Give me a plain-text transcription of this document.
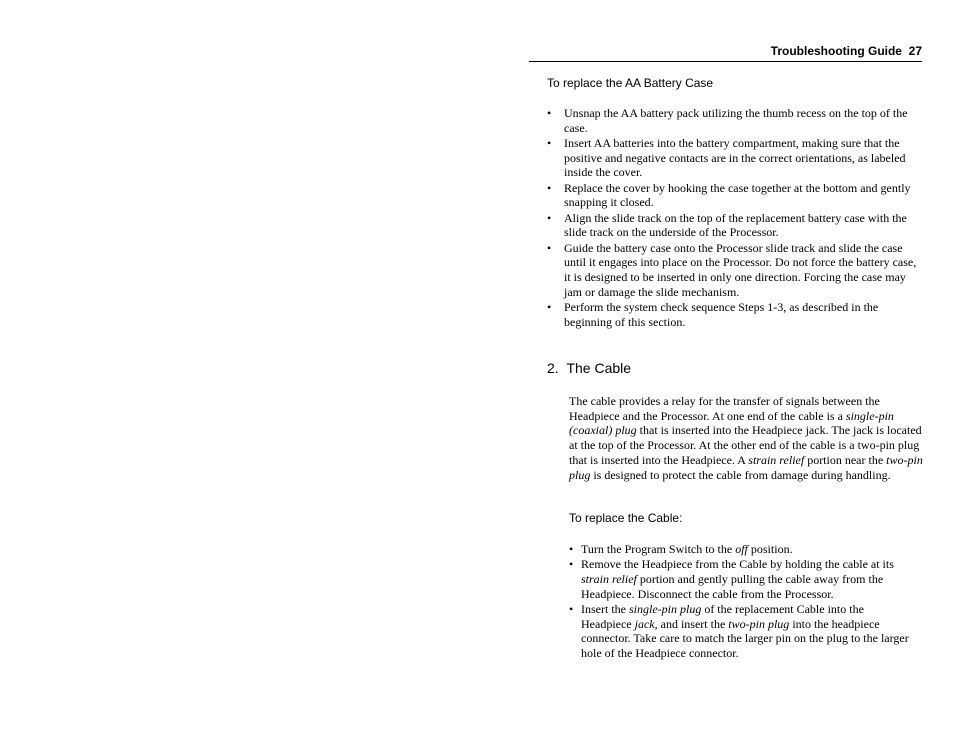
Troubleshooting Guide  27
To replace the AA Battery Case
• Unsnap the AA battery pack utilizing the thumb recess on the top of the case.
• Insert AA batteries into the battery compartment, making sure that the positive and negative contacts are in the correct orientations, as labeled inside the cover.
• Replace the cover by hooking the case together at the bottom and gently snapping it closed.
• Align the slide track on the top of the replacement battery case with the slide track on the underside of the Processor.
• Guide the battery case onto the Processor slide track and slide the case until it engages into place on the Processor. Do not force the battery case, it is designed to be inserted in only one direction. Forcing the case may jam or damage the slide mechanism.
• Perform the system check sequence Steps 1-3, as described in the beginning of this section.
2. The Cable

The cable provides a relay for the transfer of signals between the Headpiece and the Processor. At one end of the cable is a single-pin (coaxial) plug that is inserted into the Headpiece jack. The jack is located at the top of the Processor. At the other end of the cable is a two-pin plug that is inserted into the Headpiece. A strain relief portion near the two-pin plug is designed to protect the cable from damage during handling.

To replace the Cable:
• Turn the Program Switch to the off position.
• Remove the Headpiece from the Cable by holding the cable at its strain relief portion and gently pulling the cable away from the Headpiece. Disconnect the cable from the Processor.
• Insert the single-pin plug of the replacement Cable into the Headpiece jack, and insert the two-pin plug into the headpiece connector. Take care to match the larger pin on the plug to the larger hole of the Headpiece connector.
